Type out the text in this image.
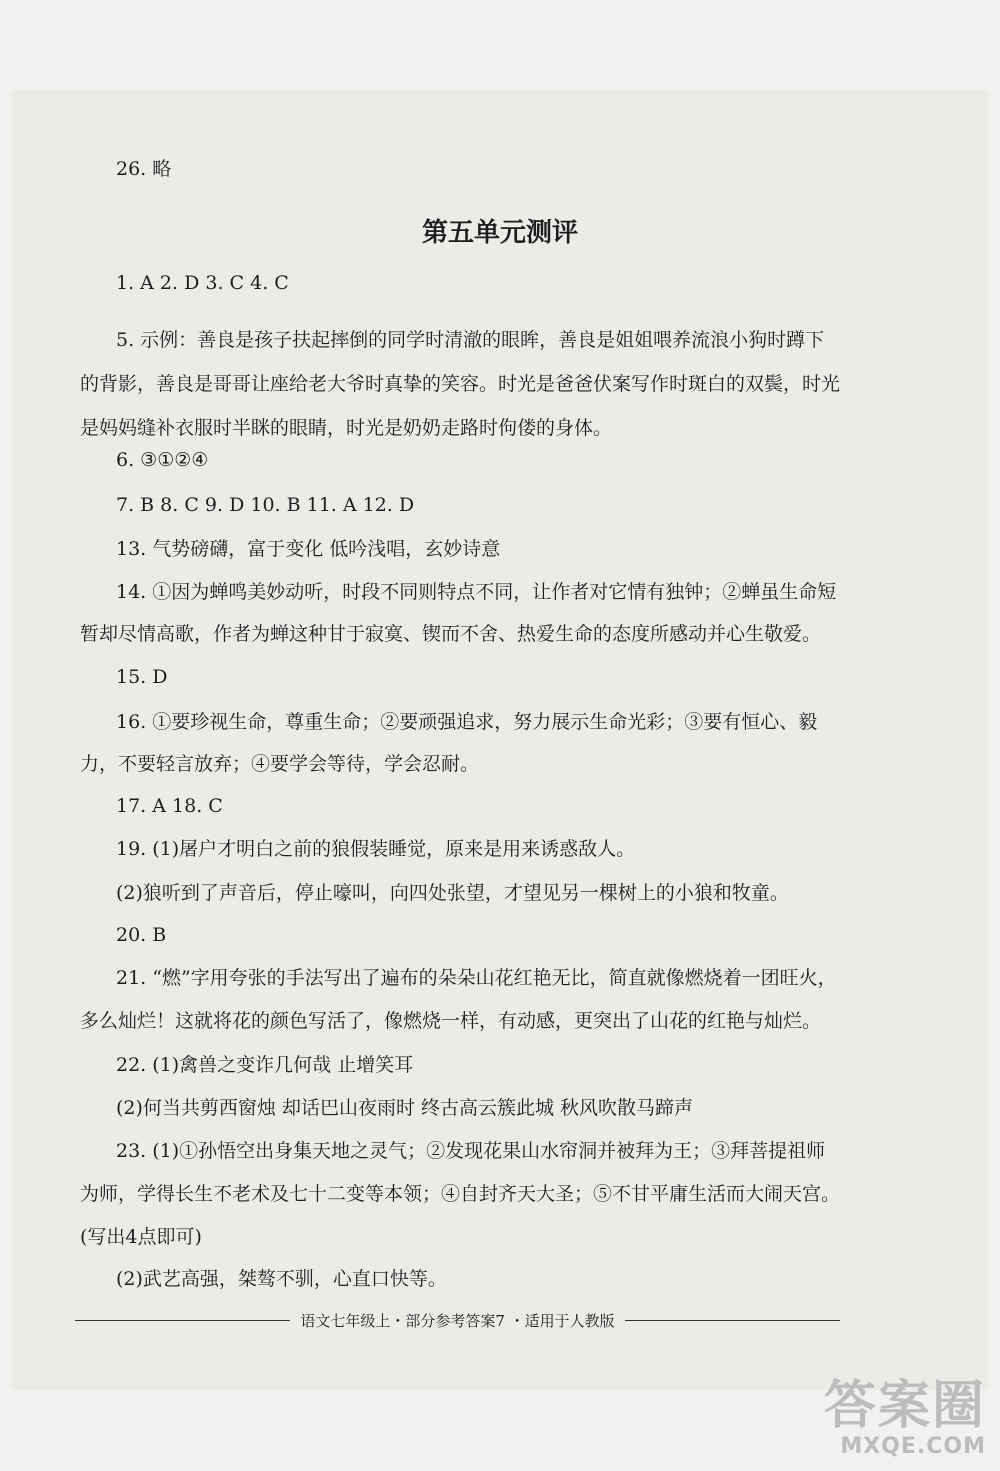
26. 略
第五单元测评
1. A 2. D 3. C 4. C
5. 示例：善良是孩子扶起摔倒的同学时清澈的眼眸，善良是姐姐喂养流浪小狗时蹲下
的背影，善良是哥哥让座给老大爷时真挚的笑容。时光是爸爸伏案写作时斑白的双鬓，时光
是妈妈缝补衣服时半眯的眼睛，时光是奶奶走路时佝偻的身体。
6. ③①②④
7. B 8. C 9. D 10. B 11. A 12. D
13. 气势磅礴，富于变化 低吟浅唱，玄妙诗意
14. ①因为蝉鸣美妙动听，时段不同则特点不同，让作者对它情有独钟；②蝉虽生命短
暂却尽情高歌，作者为蝉这种甘于寂寞、锲而不舍、热爱生命的态度所感动并心生敬爱。
15. D
16. ①要珍视生命，尊重生命；②要顽强追求，努力展示生命光彩；③要有恒心、毅
力，不要轻言放弃；④要学会等待，学会忍耐。
17. A 18. C
19. (1)屠户才明白之前的狼假装睡觉，原来是用来诱惑敌人。
(2)狼听到了声音后，停止嚎叫，向四处张望，才望见另一棵树上的小狼和牧童。
20. B
21. “燃”字用夸张的手法写出了遍布的朵朵山花红艳无比，简直就像燃烧着一团旺火，
多么灿烂！这就将花的颜色写活了，像燃烧一样，有动感，更突出了山花的红艳与灿烂。
22. (1)禽兽之变诈几何哉 止增笑耳
(2)何当共剪西窗烛 却话巴山夜雨时 终古高云簇此城 秋风吹散马蹄声
23. (1)①孙悟空出身集天地之灵气；②发现花果山水帘洞并被拜为王；③拜菩提祖师
为师，学得长生不老术及七十二变等本领；④自封齐天大圣；⑤不甘平庸生活而大闹天宫。
(写出4点即可)
(2)武艺高强，桀骜不驯，心直口快等。
语文七年级上・部分参考答案7 ・适用于人教版
答案圈
MXQE.COM
